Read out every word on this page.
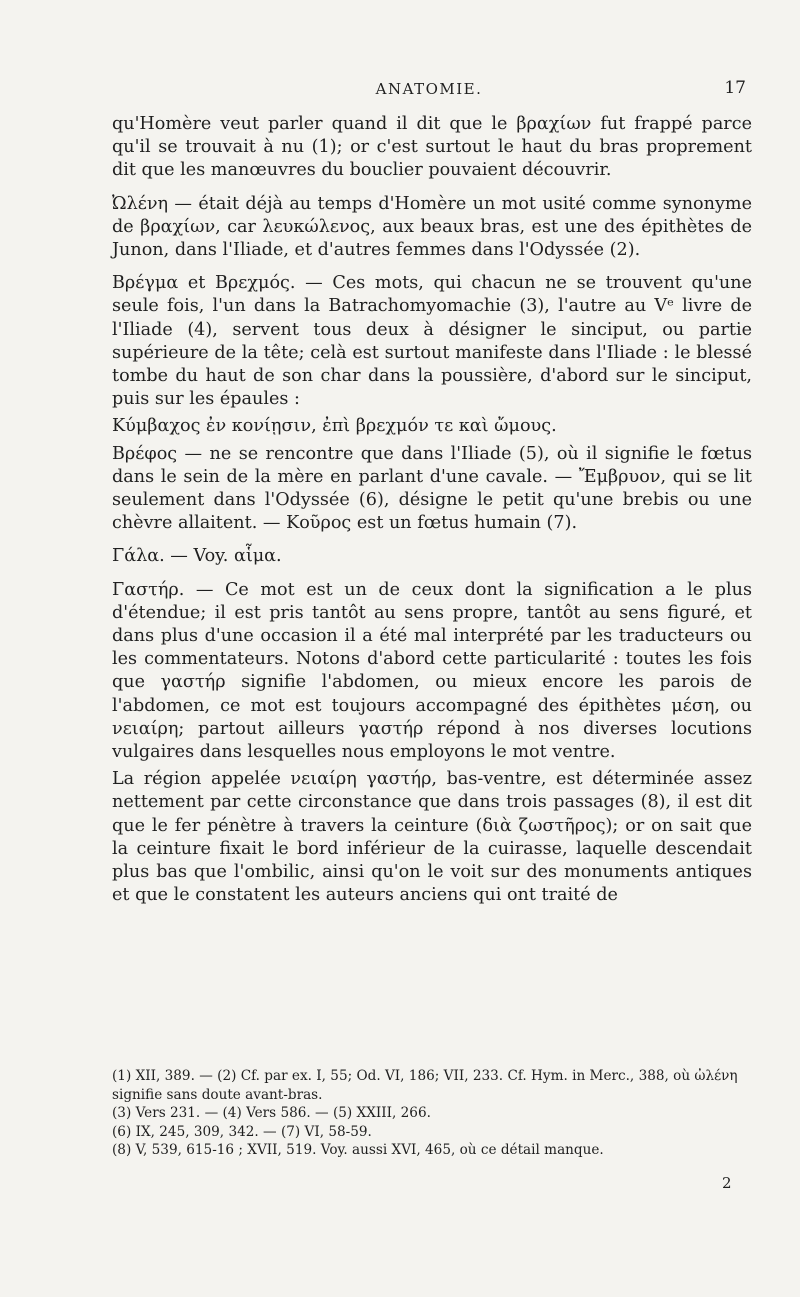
ANATOMIE.	17

qu'Homère veut parler quand il dit que le βραχίων fut frappé parce qu'il se trouvait à nu (1); or c'est surtout le haut du bras proprement dit que les manœuvres du bouclier pouvaient découvrir.

Ὠλένη — était déjà au temps d'Homère un mot usité comme synonyme de βραχίων, car λευκώλενος, aux beaux bras, est une des épithètes de Junon, dans l'Iliade, et d'autres femmes dans l'Odyssée (2).

Βρέγμα et Βρεχμός. — Ces mots, qui chacun ne se trouvent qu'une seule fois, l'un dans la Batrachomyomachie (3), l'autre au Vᵉ livre de l'Iliade (4), servent tous deux à désigner le sinciput, ou partie supérieure de la tête; celà est surtout manifeste dans l'Iliade : le blessé tombe du haut de son char dans la poussière, d'abord sur le sinciput, puis sur les épaules :

Κύμβαχος ἐν κονίῃσιν, ἐπὶ βρεχμόν τε καὶ ὤμους.

Βρέφος — ne se rencontre que dans l'Iliade (5), où il signifie le fœtus dans le sein de la mère en parlant d'une cavale. — Ἔμβρυον, qui se lit seulement dans l'Odyssée (6), désigne le petit qu'une brebis ou une chèvre allaitent. — Κοῦρος est un fœtus humain (7).

Γάλα. — Voy. αἷμα.

Γαστήρ. — Ce mot est un de ceux dont la signification a le plus d'étendue; il est pris tantôt au sens propre, tantôt au sens figuré, et dans plus d'une occasion il a été mal interprété par les traducteurs ou les commentateurs. Notons d'abord cette particularité : toutes les fois que γαστήρ signifie l'abdomen, ou mieux encore les parois de l'abdomen, ce mot est toujours accompagné des épithètes μέση, ou νειαίρη; partout ailleurs γαστήρ répond à nos diverses locutions vulgaires dans lesquelles nous employons le mot ventre.

La région appelée νειαίρη γαστήρ, bas-ventre, est déterminée assez nettement par cette circonstance que dans trois passages (8), il est dit que le fer pénètre à travers la ceinture (διὰ ζωστῆρος); or on sait que la ceinture fixait le bord inférieur de la cuirasse, laquelle descendait plus bas que l'ombilic, ainsi qu'on le voit sur des monuments antiques et que le constatent les auteurs anciens qui ont traité de

(1) XII, 389. — (2) Cf. par ex. I, 55; Od. VI, 186; VII, 233. Cf. Hym. in Merc., 388, où ὠλένη signifie sans doute avant-bras.

(3) Vers 231. — (4) Vers 586. — (5) XXIII, 266.

(6) IX, 245, 309, 342. — (7) VI, 58-59.

(8) V, 539, 615-16 ; XVII, 519. Voy. aussi XVI, 465, où ce détail manque.

2
